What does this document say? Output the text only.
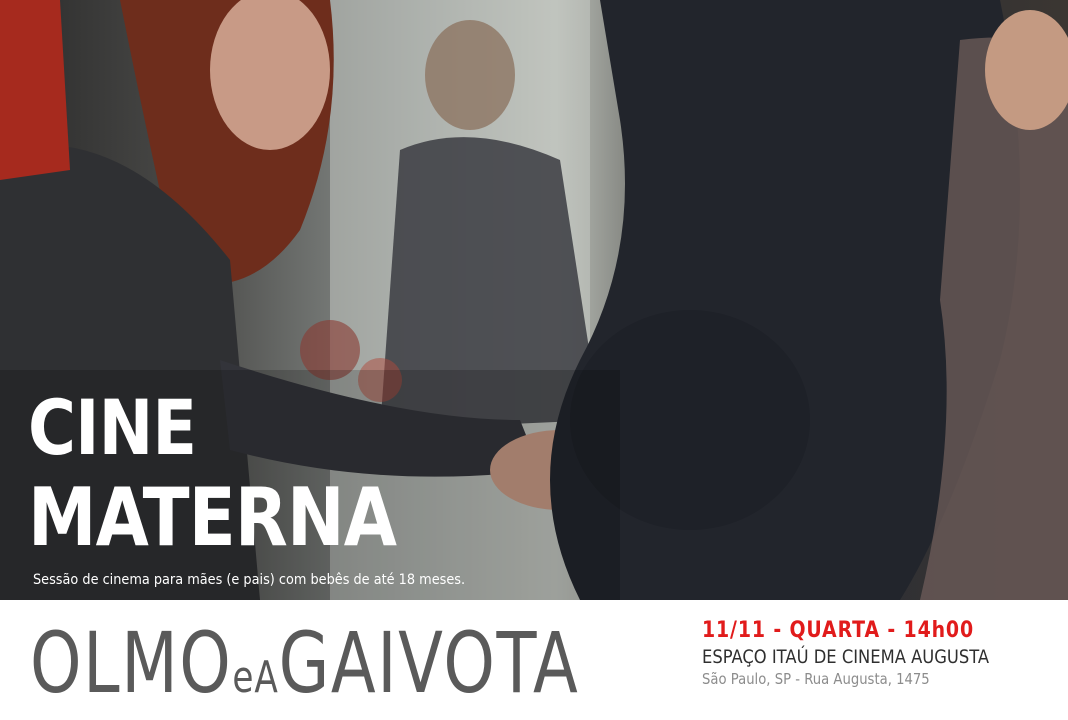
CINE
MATERNA
Sessão de cinema para mães (e pais) com bebês de até 18 meses.
OLMOeAGAIVOTA	11/11 - QUARTA - 14h00
ESPAÇO ITAÚ DE CINEMA AUGUSTA
São Paulo, SP - Rua Augusta, 1475
